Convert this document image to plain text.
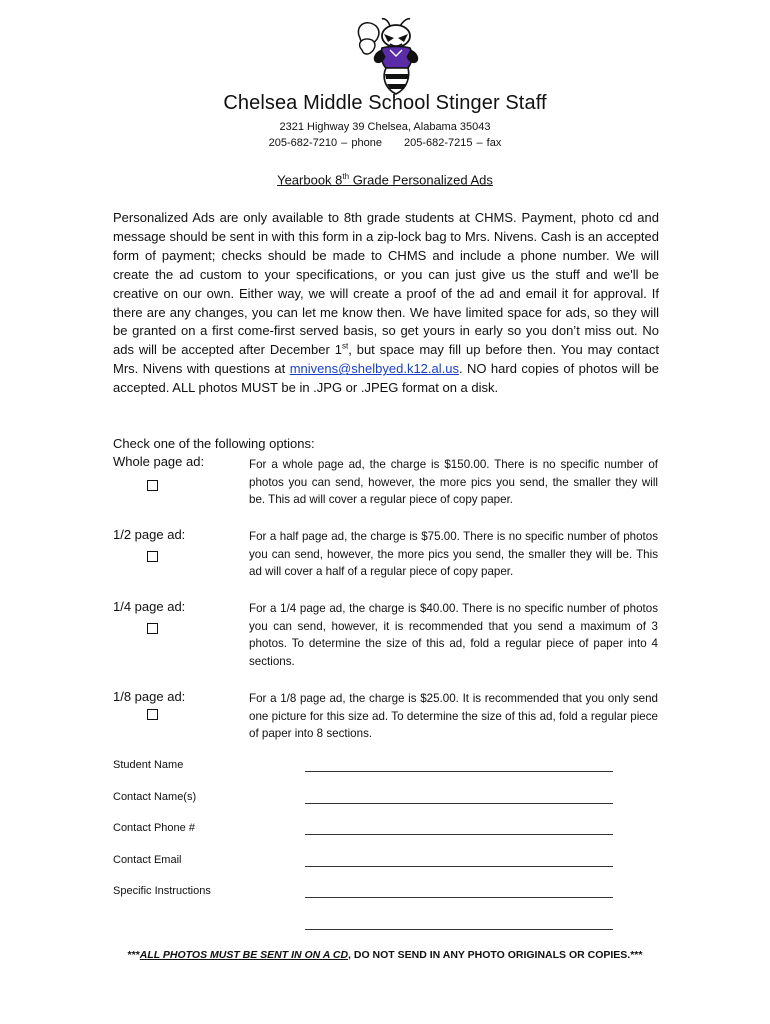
Chelsea Middle School Stinger Staff
2321 Highway 39 Chelsea, Alabama 35043
205-682-7210 – phone 205-682-7215 – fax
Yearbook 8th Grade Personalized Ads
Personalized Ads are only available to 8th grade students at CHMS. Payment, photo cd and message should be sent in with this form in a zip-lock bag to Mrs. Nivens. Cash is an accepted form of payment; checks should be made to CHMS and include a phone number. We will create the ad custom to your specifications, or you can just give us the stuff and we'll be creative on our own. Either way, we will create a proof of the ad and email it for approval. If there are any changes, you can let me know then. We have limited space for ads, so they will be granted on a first come-first served basis, so get yours in early so you don’t miss out. No ads will be accepted after December 1st, but space may fill up before then. You may contact Mrs. Nivens with questions at mnivens@shelbyed.k12.al.us. NO hard copies of photos will be accepted. ALL photos MUST be in .JPG or .JPEG format on a disk.
Check one of the following options:
Whole page ad:	For a whole page ad, the charge is $150.00. There is no specific number of photos you can send, however, the more pics you send, the smaller they will be. This ad will cover a regular piece of copy paper.
1/2 page ad:	For a half page ad, the charge is $75.00. There is no specific number of photos you can send, however, the more pics you send, the smaller they will be. This ad will cover a half of a regular piece of copy paper.
1/4 page ad:	For a 1/4 page ad, the charge is $40.00. There is no specific number of photos you can send, however, it is recommended that you send a maximum of 3 photos. To determine the size of this ad, fold a regular piece of paper into 4 sections.
1/8 page ad:	For a 1/8 page ad, the charge is $25.00. It is recommended that you only send one picture for this size ad. To determine the size of this ad, fold a regular piece of paper into 8 sections.
Student Name
Contact Name(s)
Contact Phone #
Contact Email
Specific Instructions
***ALL PHOTOS MUST BE SENT IN ON A CD, DO NOT SEND IN ANY PHOTO ORIGINALS OR COPIES.***
